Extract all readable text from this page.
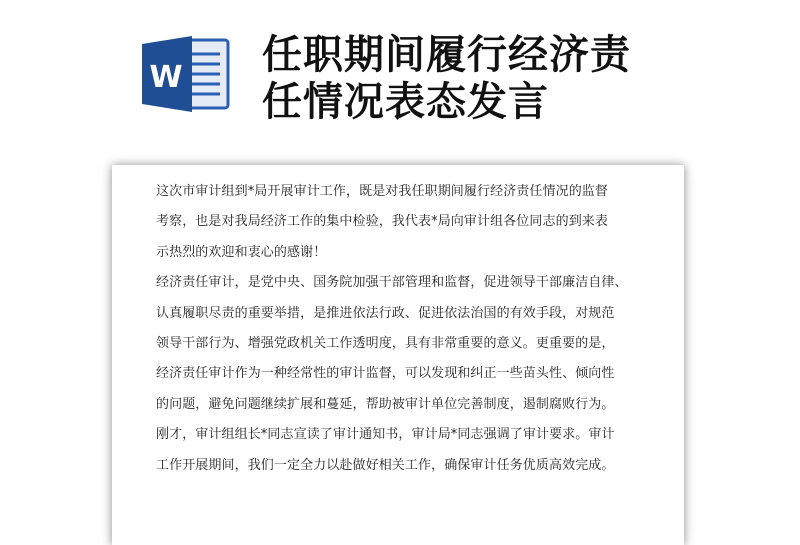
W 任职期间履行经济责
任情况表态发言
这次市审计组到*局开展审计工作，既是对我任职期间履行经济责任情况的监督
考察，也是对我局经济工作的集中检验，我代表*局向审计组各位同志的到来表
示热烈的欢迎和衷心的感谢！
经济责任审计，是党中央、国务院加强干部管理和监督，促进领导干部廉洁自律、
认真履职尽责的重要举措，是推进依法行政、促进依法治国的有效手段，对规范
领导干部行为、增强党政机关工作透明度，具有非常重要的意义。更重要的是，
经济责任审计作为一种经常性的审计监督，可以发现和纠正一些苗头性、倾向性
的问题，避免问题继续扩展和蔓延，帮助被审计单位完善制度，遏制腐败行为。
刚才，审计组组长*同志宣读了审计通知书，审计局*同志强调了审计要求。审计
工作开展期间，我们一定全力以赴做好相关工作，确保审计任务优质高效完成。
